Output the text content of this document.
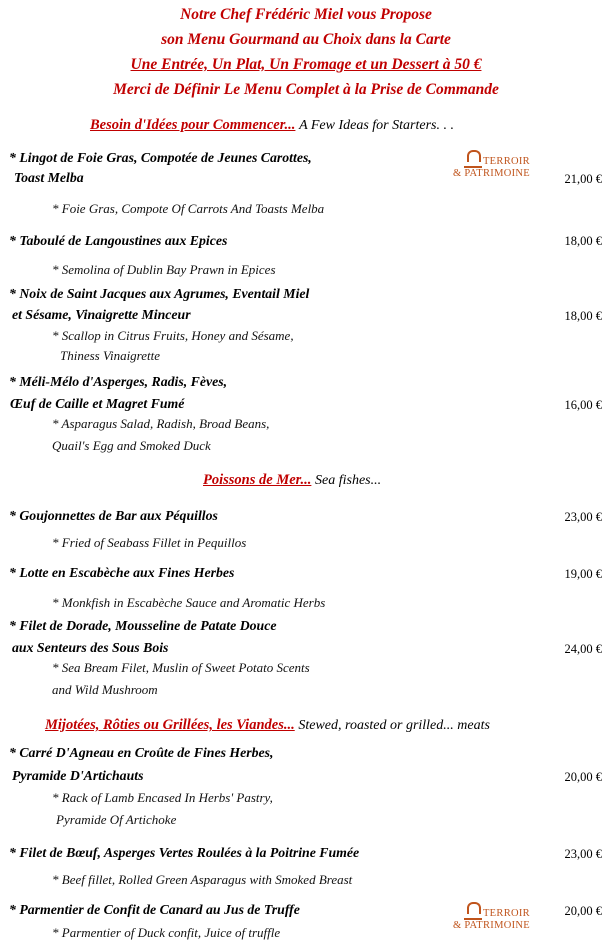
Notre Chef Frédéric Miel vous Propose
son Menu Gourmand au Choix dans la Carte
Une Entrée, Un Plat, Un Fromage et un Dessert à 50 €
Merci de Définir Le Menu Complet à la Prise de Commande
Besoin d'Idées pour Commencer... A Few Ideas for Starters. . .
TERROIR
& PATRIMOINE
* Lingot de Foie Gras, Compotée de Jeunes Carottes,
Toast Melba	21,00 €
* Foie Gras, Compote Of Carrots And Toasts Melba
* Taboulé de Langoustines aux Epices	18,00 €
* Semolina of Dublin Bay Prawn in Epices
* Noix de Saint Jacques aux Agrumes, Eventail Miel
et Sésame, Vinaigrette Minceur	18,00 €
* Scallop in Citrus Fruits, Honey and Sésame,
Thiness Vinaigrette
* Méli-Mélo d'Asperges, Radis, Fèves,
Œuf de Caille et Magret Fumé	16,00 €
* Asparagus Salad, Radish, Broad Beans,
Quail's Egg and Smoked Duck
Poissons de Mer... Sea fishes...
* Goujonnettes de Bar aux Péquillos	23,00 €
* Fried of Seabass Fillet in Pequillos
* Lotte en Escabèche aux Fines Herbes	19,00 €
* Monkfish in Escabèche Sauce and Aromatic Herbs
* Filet de Dorade, Mousseline de Patate Douce
aux Senteurs des Sous Bois	24,00 €
* Sea Bream Filet, Muslin of Sweet Potato Scents
and Wild Mushroom
Mijotées, Rôties ou Grillées, les Viandes... Stewed, roasted or grilled... meats
* Carré D'Agneau en Croûte de Fines Herbes,
Pyramide D'Artichauts	20,00 €
* Rack of Lamb Encased In Herbs' Pastry,
Pyramide Of Artichoke
* Filet de Bœuf, Asperges Vertes Roulées à la Poitrine Fumée	23,00 €
* Beef fillet, Rolled Green Asparagus with Smoked Breast
TERROIR
& PATRIMOINE
* Parmentier de Confit de Canard au Jus de Truffe	20,00 €
* Parmentier of Duck confit, Juice of truffle
